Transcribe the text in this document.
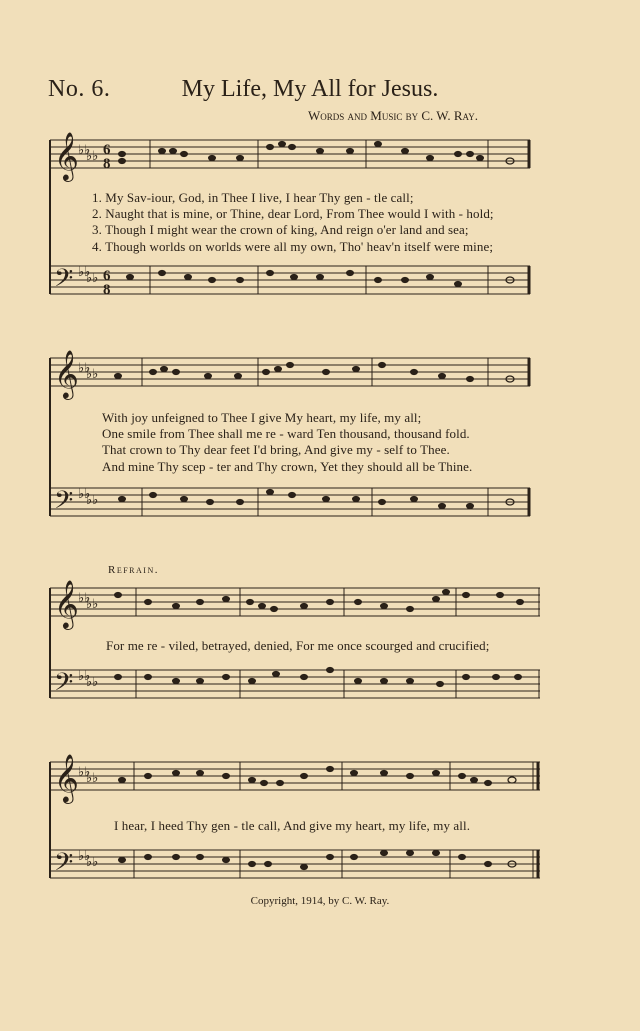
No. 6.	My Life, My All for Jesus.
Words and Music by C. W. Ray.
𝄞
𝄢
♭♭
♭♭
♭♭
♭♭
6
8
6
8
1. My Sav-iour, God, in Thee I live, I hear Thy gen - tle call;
2. Naught that is mine, or Thine, dear Lord, From Thee would I with - hold;
3. Though I might wear the crown of king, And reign o'er land and sea;
4. Though worlds on worlds were all my own, Tho' heav'n itself were mine;
𝄞
𝄢
♭♭
♭♭
♭♭
♭♭
With joy unfeigned to Thee I give My heart, my life, my all;
One smile from Thee shall me re - ward Ten thousand, thousand fold.
That crown to Thy dear feet I'd bring, And give my - self to Thee.
And mine Thy scep - ter and Thy crown, Yet they should all be Thine.
Refrain.
𝄞
𝄢
♭♭
♭♭
♭♭
♭♭
For me re - viled, betrayed, denied, For me once scourged and crucified;
𝄞
𝄢
♭♭
♭♭
♭♭
♭♭
I hear, I heed Thy gen - tle call, And give my heart, my life, my all.
Copyright, 1914, by C. W. Ray.
